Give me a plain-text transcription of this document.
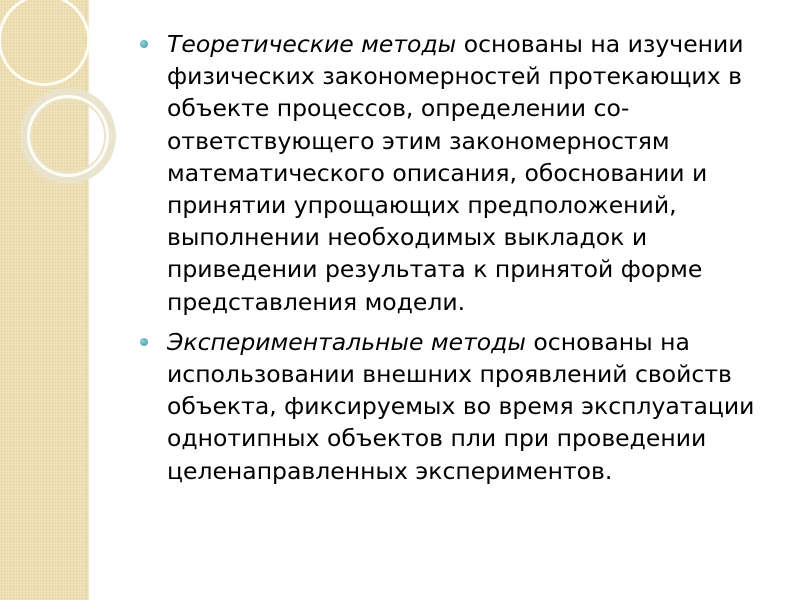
Теоретические методы основаны на изучении физических закономерностей протекающих в объекте процессов, определении со-ответствующего этим закономерностям математического описания, обосновании и принятии упрощающих предположений, выполнении необходимых выкладок и приведении результата к принятой форме представления модели.
Экспериментальные методы основаны на использовании внешних проявлений свойств объекта, фиксируемых во время эксплуатации однотипных объектов пли при проведении целенаправленных экспериментов.
